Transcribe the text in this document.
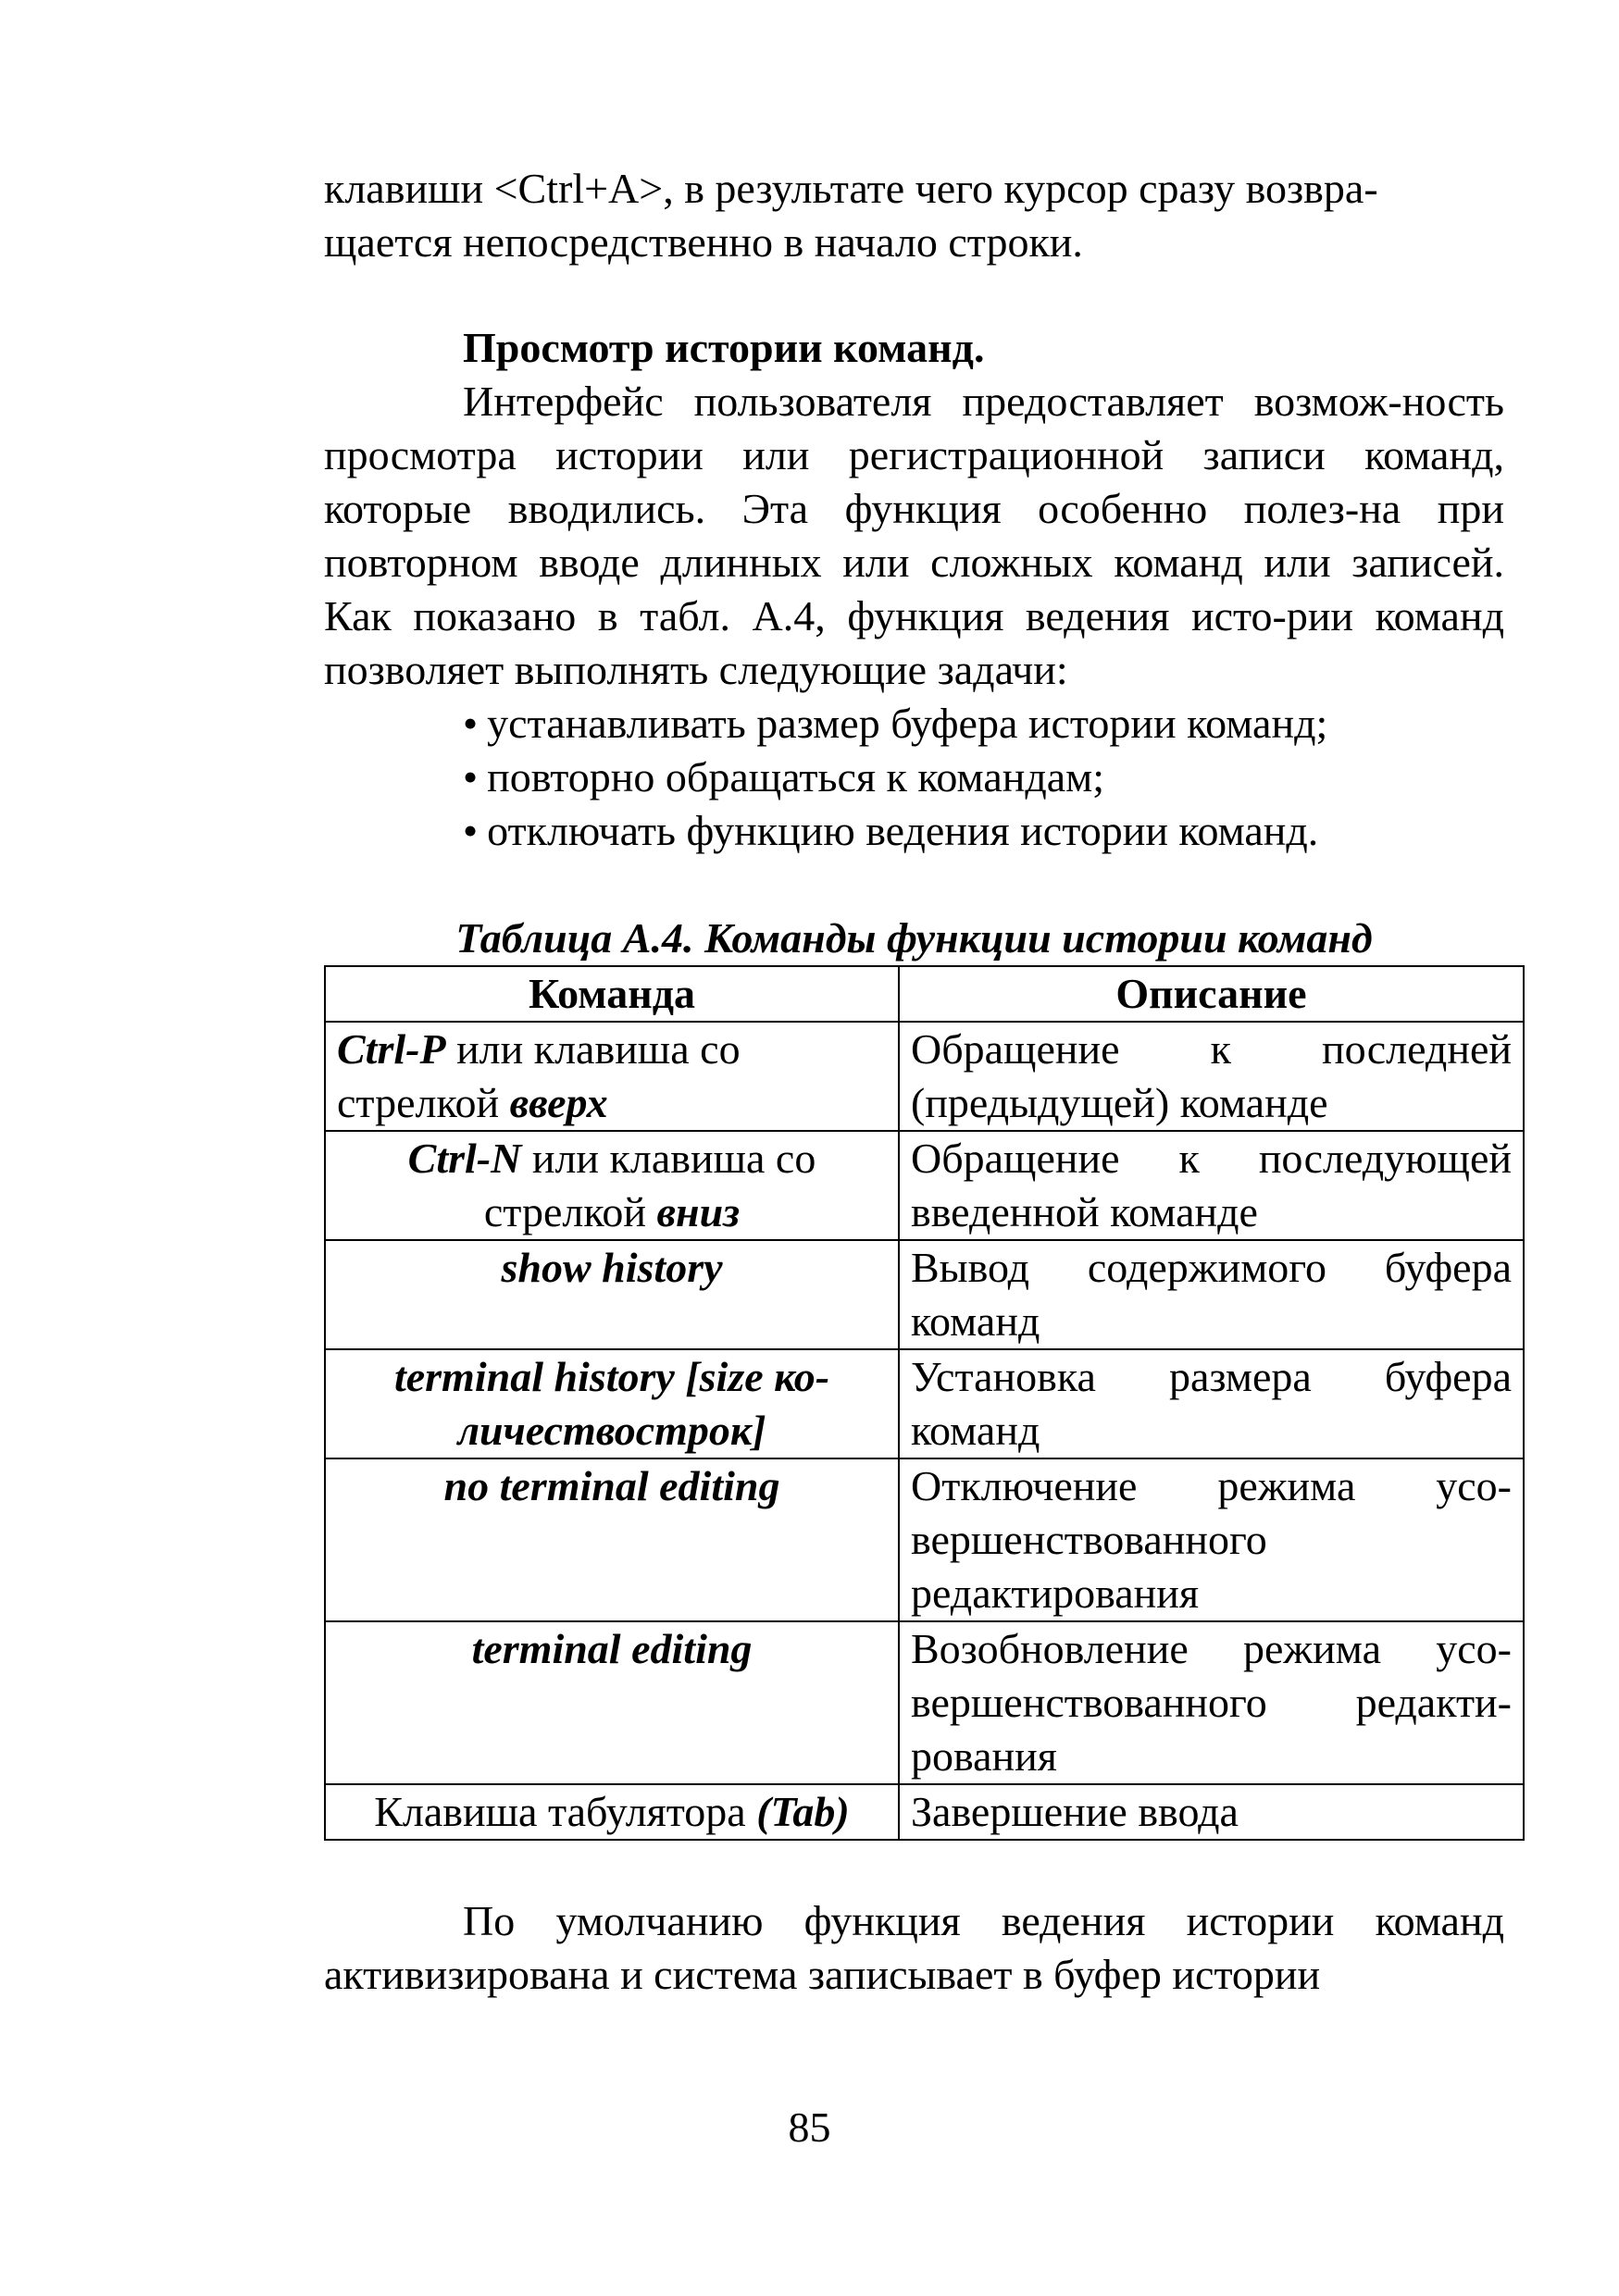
клавиши <Ctrl+A>, в результате чего курсор сразу возвра-

щается непосредственно в начало строки.

Просмотр истории команд.

Интерфейс пользователя предоставляет возмож-ность просмотра истории или регистрационной записи команд, которые вводились. Эта функция особенно полез-на при повторном вводе длинных или сложных команд или записей. Как показано в табл. А.4, функция ведения исто-рии команд позволяет выполнять следующие задачи:

• устанавливать размер буфера истории команд;
• повторно обращаться к командам;
• отключать функцию ведения истории команд.

Таблица А.4. Команды функции истории команд

Команда	Описание
Ctrl-P или клавиша со стрелкой вверх	Обращение к последней (предыдущей) команде
Ctrl-N или клавиша со стрелкой вниз	Обращение к последующей введенной команде
show history	Вывод содержимого буфера команд
terminal history [size ко-личествострок]	Установка размера буфера команд
no terminal editing	Отключение режима усо-вершенствованного редактирования
terminal editing	Возобновление режима усо-вершенствованного редакти-рования
Клавиша табулятора (Tab)	Завершение ввода

По умолчанию функция ведения истории команд активизирована и система записывает в буфер истории

85
